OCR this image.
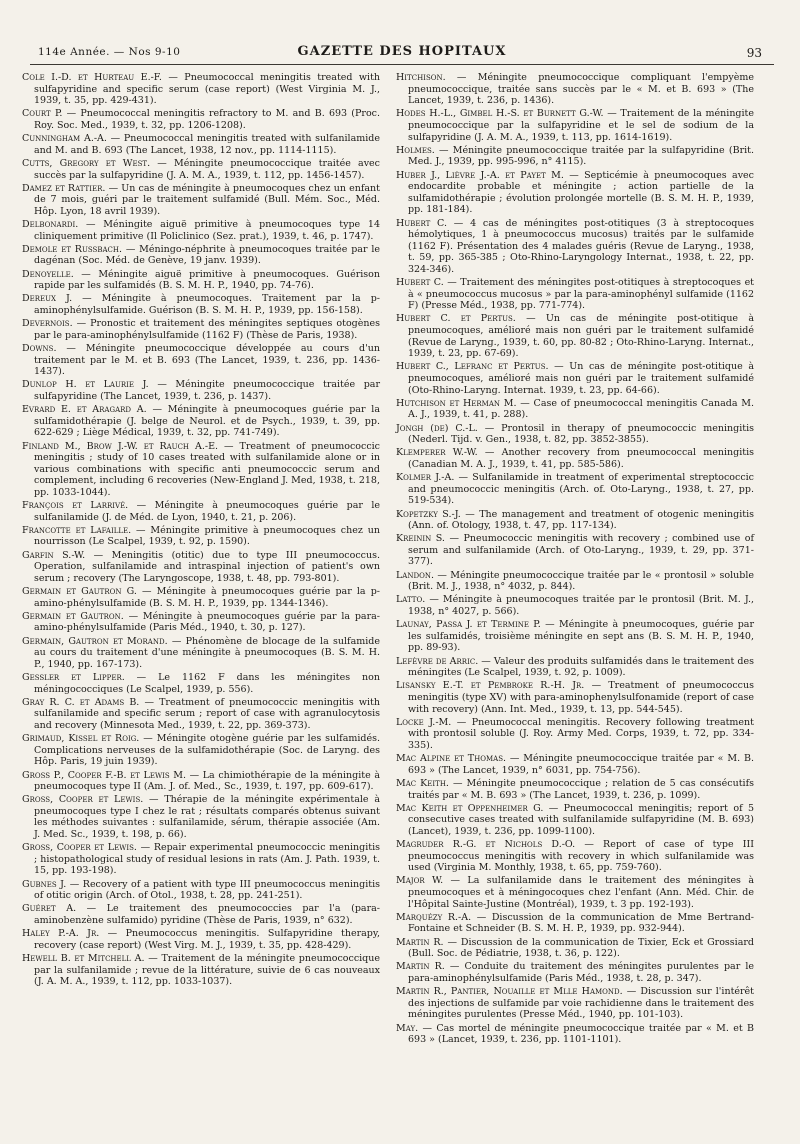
114e Année. — Nos 9-10	GAZETTE DES HOPITAUX	93

Cole I.-D. et Hurteau E.-F. — Pneumococcal meningitis treated with sulfapyridine and specific serum (case report) (West Virginia M. J., 1939, t. 35, pp. 429-431).

Court P. — Pneumococcal meningitis refractory to M. and B. 693 (Proc. Roy. Soc. Med., 1939, t. 32, pp. 1206-1208).

Cunningham A.-A. — Pneumococcal meningitis treated with sulfanilamide and M. and B. 693 (The Lancet, 1938, 12 nov., pp. 1114-1115).

Cutts, Gregory et West. — Méningite pneumococcique traitée avec succès par la sulfapyridine (J. A. M. A., 1939, t. 112, pp. 1456-1457).

Damez et Rattier. — Un cas de méningite à pneumocoques chez un enfant de 7 mois, guéri par le traitement sulfamidé (Bull. Mém. Soc., Méd. Hôp. Lyon, 18 avril 1939).

Delbonardi. — Méningite aiguë primitive à pneumocoques type 14 cliniquement primitive (Il Policlinico (Sez. prat.), 1939, t. 46, p. 1747).

Demole et Russbach. — Méningo-néphrite à pneumocoques traitée par le dagénan (Soc. Méd. de Genève, 19 janv. 1939).

Denoyelle. — Méningite aiguë primitive à pneumocoques. Guérison rapide par les sulfamidés (B. S. M. H. P., 1940, pp. 74-76).

Dereux J. — Méningite à pneumocoques. Traitement par la p-aminophénylsulfamide. Guérison (B. S. M. H. P., 1939, pp. 156-158).

Devernois. — Pronostic et traitement des méningites septiques otogènes par le para-aminophénylsulfamide (1162 F) (Thèse de Paris, 1938).

Downs. — Méningite pneumococcique développée au cours d'un traitement par le M. et B. 693 (The Lancet, 1939, t. 236, pp. 1436-1437).

Dunlop H. et Laurie J. — Méningite pneumococcique traitée par sulfapyridine (The Lancet, 1939, t. 236, p. 1437).

Evrard E. et Aragard A. — Méningite à pneumocoques guérie par la sulfamidothérapie (J. belge de Neurol. et de Psych., 1939, t. 39, pp. 622-629 ; Liège Médical, 1939, t. 32, pp. 741-749).

Finland M., Brow J.-W. et Rauch A.-E. — Treatment of pneumococcic meningitis ; study of 10 cases treated with sulfanilamide alone or in various combinations with specific anti pneumococcic serum and complement, including 6 recoveries (New-England J. Med, 1938, t. 218, pp. 1033-1044).

François et Larrivé. — Méningite à pneumocoques guérie par le sulfanilamide (J. de Méd. de Lyon, 1940, t. 21, p. 206).

Francotte et Lafaille. — Méningite primitive à pneumocoques chez un nourrisson (Le Scalpel, 1939, t. 92, p. 1590).

Garfin S.-W. — Meningitis (otitic) due to type III pneumococcus. Operation, sulfanilamide and intraspinal injection of patient's own serum ; recovery (The Laryngoscope, 1938, t. 48, pp. 793-801).

Germain et Gautron G. — Méningite à pneumocoques guérie par la p-amino-phénylsulfamide (B. S. M. H. P., 1939, pp. 1344-1346).

Germain et Gautron. — Méningite à pneumocoques guérie par la para-amino-phénylsulfamide (Paris Méd., 1940, t. 30, p. 127).

Germain, Gautron et Morand. — Phénomène de blocage de la sulfamide au cours du traitement d'une méningite à pneumocoques (B. S. M. H. P., 1940, pp. 167-173).

Gessler et Lipper. — Le 1162 F dans les méningites non méningococciques (Le Scalpel, 1939, p. 556).

Gray R. C. et Adams B. — Treatment of pneumococcic meningitis with sulfanilamide and specific serum ; report of case with agranulocytosis and recovery (Minnesota Med., 1939, t. 22, pp. 369-373).

Grimaud, Kissel et Roig. — Méningite otogène guérie par les sulfamidés. Complications nerveuses de la sulfamidothérapie (Soc. de Laryng. des Hôp. Paris, 19 juin 1939).

Gross P., Cooper F.-B. et Lewis M. — La chimiothérapie de la méningite à pneumocoques type II (Am. J. of. Med., Sc., 1939, t. 197, pp. 609-617).

Gross, Cooper et Lewis. — Thérapie de la méningite expérimentale à pneumocoques type I chez le rat ; résultats comparés obtenus suivant les méthodes suivantes : sulfanilamide, sérum, thérapie associée (Am. J. Med. Sc., 1939, t. 198, p. 66).

Gross, Cooper et Lewis. — Repair experimental pneumococcic meningitis ; histopathological study of residual lesions in rats (Am. J. Path. 1939, t. 15, pp. 193-198).

Gubnes J. — Recovery of a patient with type III pneumococcus meningitis of otitic origin (Arch. of Otol., 1938, t. 28, pp. 241-251).

Guéret A. — Le traitement des pneumococcies par l'a (para-aminobenzène sulfamido) pyridine (Thèse de Paris, 1939, n° 632).

Haley P.-A. Jr. — Pneumococcus meningitis. Sulfapyridine therapy, recovery (case report) (West Virg. M. J., 1939, t. 35, pp. 428-429).

Hewell B. et Mitchell A. — Traitement de la méningite pneumococcique par la sulfanilamide ; revue de la littérature, suivie de 6 cas nouveaux (J. A. M. A., 1939, t. 112, pp. 1033-1037).

Hitchison. — Méningite pneumococcique compliquant l'empyème pneumococcique, traitée sans succès par le « M. et B. 693 » (The Lancet, 1939, t. 236, p. 1436).

Hodes H.-L., Gimbel H.-S. et Burnett G.-W. — Traitement de la méningite pneumococcique par la sulfapyridine et le sel de sodium de la sulfapyridine (J. A. M. A., 1939, t. 113, pp. 1614-1619).

Holmes. — Méningite pneumococcique traitée par la sulfapyridine (Brit. Med. J., 1939, pp. 995-996, n° 4115).

Huber J., Lièvre J.-A. et Payet M. — Septicémie à pneumocoques avec endocardite probable et méningite ; action partielle de la sulfamidothérapie ; évolution prolongée mortelle (B. S. M. H. P., 1939, pp. 181-184).

Hubert C. — 4 cas de méningites post-otitiques (3 à streptocoques hémolytiques, 1 à pneumococcus mucosus) traités par le sulfamide (1162 F). Présentation des 4 malades guéris (Revue de Laryng., 1938, t. 59, pp. 365-385 ; Oto-Rhino-Laryngology Internat., 1938, t. 22, pp. 324-346).

Hubert C. — Traitement des méningites post-otitiques à streptocoques et à « pneumococcus mucosus » par la para-aminophényl sulfamide (1162 F) (Presse Méd., 1938, pp. 771-774).

Hubert C. et Pertus. — Un cas de méningite post-otitique à pneumocoques, amélioré mais non guéri par le traitement sulfamidé (Revue de Laryng., 1939, t. 60, pp. 80-82 ; Oto-Rhino-Laryng. Internat., 1939, t. 23, pp. 67-69).

Hubert C., Lefranc et Pertus. — Un cas de méningite post-otitique à pneumocoques, amélioré mais non guéri par le traitement sulfamidé (Oto-Rhino-Laryng. Internat. 1939, t. 23, pp. 64-66).

Hutchison et Herman M. — Case of pneumococcal meningitis Canada M. A. J., 1939, t. 41, p. 288).

Jongh (de) C.-L. — Prontosil in therapy of pneumococcic meningitis (Nederl. Tijd. v. Gen., 1938, t. 82, pp. 3852-3855).

Klemperer W.-W. — Another recovery from pneumococcal meningitis (Canadian M. A. J., 1939, t. 41, pp. 585-586).

Kolmer J.-A. — Sulfanilamide in treatment of experimental streptococcic and pneumococcic meningitis (Arch. of. Oto-Laryng., 1938, t. 27, pp. 519-534).

Kopetzky S.-J. — The management and treatment of otogenic meningitis (Ann. of. Otology, 1938, t. 47, pp. 117-134).

Kreinin S. — Pneumococcic meningitis with recovery ; combined use of serum and sulfanilamide (Arch. of Oto-Laryng., 1939, t. 29, pp. 371-377).

Landon. — Méningite pneumococcique traitée par le « prontosil » soluble (Brit. M. J., 1938, n° 4032, p. 844).

Latto. — Méningite à pneumocoques traitée par le prontosil (Brit. M. J., 1938, n° 4027, p. 566).

Launay, Passa J. et Termine P. — Méningite à pneumocoques, guérie par les sulfamidés, troisième méningite en sept ans (B. S. M. H. P., 1940, pp. 89-93).

Lefèvre de Arric. — Valeur des produits sulfamidés dans le traitement des méningites (Le Scalpel, 1939, t. 92, p. 1009).

Lisansky E.-T. et Pembroke R.-H. Jr. — Treatment of pneumococcus meningitis (type XV) with para-aminophenylsulfonamide (report of case with recovery) (Ann. Int. Med., 1939, t. 13, pp. 544-545).

Locke J.-M. — Pneumococcal meningitis. Recovery following treatment with prontosil soluble (J. Roy. Army Med. Corps, 1939, t. 72, pp. 334-335).

Mac Alpine et Thomas. — Méningite pneumococcique traitée par « M. B. 693 » (The Lancet, 1939, n° 6031, pp. 754-756).

Mac Keith. — Méningite pneumococcique ; relation de 5 cas consécutifs traités par « M. B. 693 » (The Lancet, 1939, t. 236, p. 1099).

Mac Keith et Oppenheimer G. — Pneumococcal meningitis; report of 5 consecutive cases treated with sulfanilamide sulfapyridine (M. B. 693) (Lancet), 1939, t. 236, pp. 1099-1100).

Magruder R.-G. et Nichols D.-O. — Report of case of type III pneumococcus meningitis with recovery in which sulfanilamide was used (Virginia M. Monthly, 1938, t. 65, pp. 759-760).

Major W. — La sulfanilamide dans le traitement des méningites à pneumocoques et à méningocoques chez l'enfant (Ann. Méd. Chir. de l'Hôpital Sainte-Justine (Montréal), 1939, t. 3 pp. 192-193).

Marquézy R.-A. — Discussion de la communication de Mme Bertrand-Fontaine et Schneider (B. S. M. H. P., 1939, pp. 932-944).

Martin R. — Discussion de la communication de Tixier, Eck et Grossiard (Bull. Soc. de Pédiatrie, 1938, t. 36, p. 122).

Martin R. — Conduite du traitement des méningites purulentes par le para-aminophénylsulfamide (Paris Méd., 1938, t. 28, p. 347).

Martin R., Pantier, Nouaille et Mlle Hamond. — Discussion sur l'intérêt des injections de sulfamide par voie rachidienne dans le traitement des méningites purulentes (Presse Méd., 1940, pp. 101-103).

May. — Cas mortel de méningite pneumococcique traitée par « M. et B 693 » (Lancet, 1939, t. 236, pp. 1101-1101).
